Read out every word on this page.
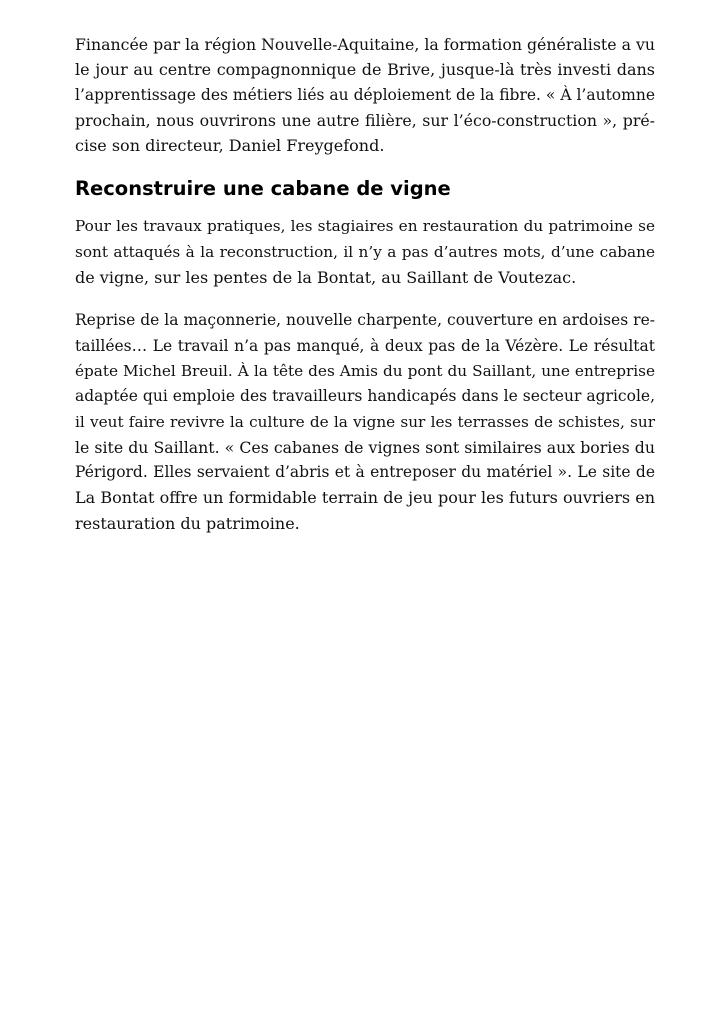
Financée par la région Nouvelle-Aquitaine, la formation généraliste a vu
le jour au centre compagnonnique de Brive, jusque-là très investi dans
l’apprentissage des métiers liés au déploiement de la fibre. « À l’automne
prochain, nous ouvrirons une autre filière, sur l’éco-construction », pré-
cise son directeur, Daniel Freygefond.

Reconstruire une cabane de vigne

Pour les travaux pratiques, les stagiaires en restauration du patrimoine se
sont attaqués à la reconstruction, il n’y a pas d’autres mots, d’une cabane
de vigne, sur les pentes de la Bontat, au Saillant de Voutezac.

Reprise de la maçonnerie, nouvelle charpente, couverture en ardoises re-
taillées… Le travail n’a pas manqué, à deux pas de la Vézère. Le résultat
épate Michel Breuil. À la tête des Amis du pont du Saillant, une entreprise
adaptée qui emploie des travailleurs handicapés dans le secteur agricole,
il veut faire revivre la culture de la vigne sur les terrasses de schistes, sur
le site du Saillant. « Ces cabanes de vignes sont similaires aux bories du
Périgord. Elles servaient d’abris et à entreposer du matériel ». Le site de
La Bontat offre un formidable terrain de jeu pour les futurs ouvriers en
restauration du patrimoine.
